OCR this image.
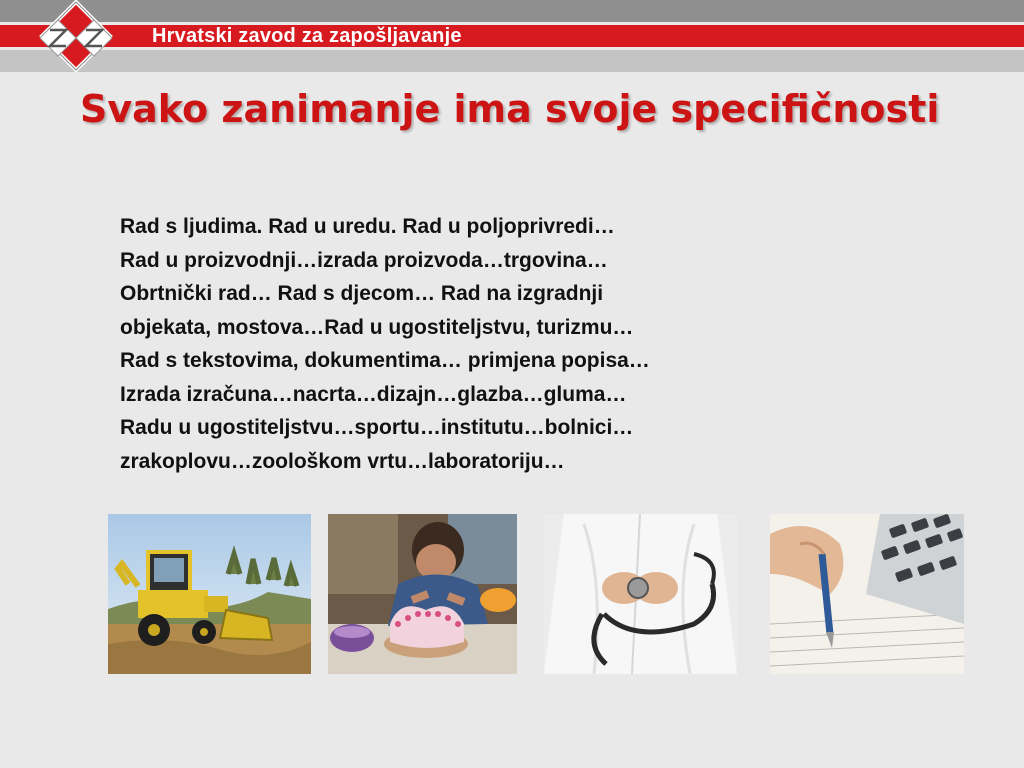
Hrvatski zavod za zapošljavanje
Svako zanimanje ima svoje specifičnosti
Rad s ljudima. Rad u uredu. Rad u poljoprivredi…
Rad u proizvodnji…izrada proizvoda…trgovina…
Obrtnički rad… Rad s djecom… Rad na izgradnji
objekata, mostova…Rad u ugostiteljstvu, turizmu…
Rad s tekstovima, dokumentima… primjena popisa…
Izrada izračuna…nacrta…dizajn…glazba…gluma…
Radu u ugostiteljstvu…sportu…institutu…bolnici…
zrakoplovu…zoološkom vrtu…laboratoriju…
